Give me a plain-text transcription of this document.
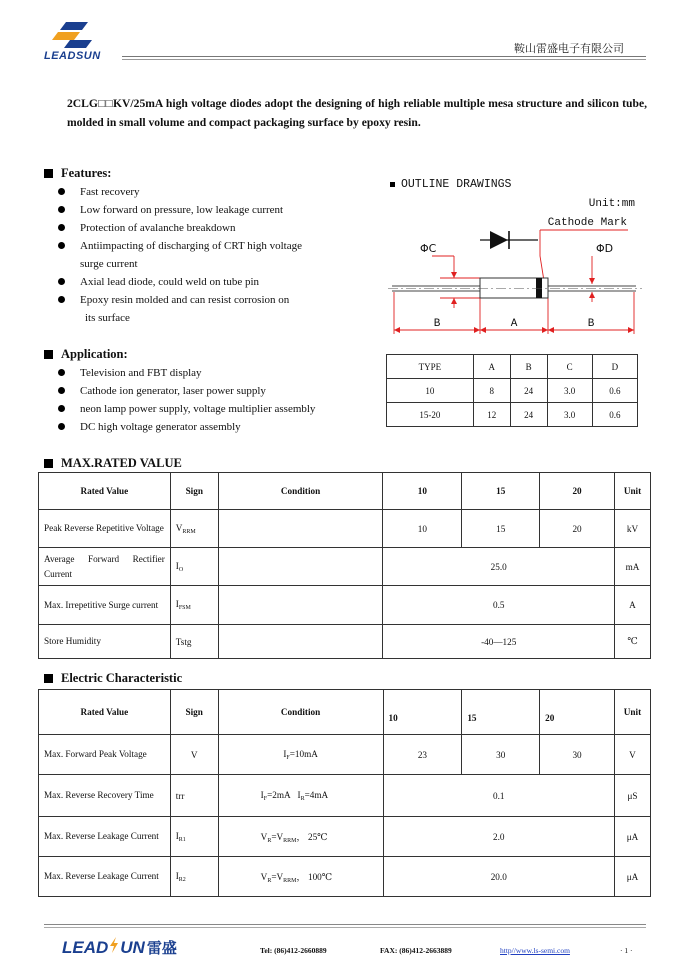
LEADSUN
鞍山雷盛电子有限公司

2CLG□□KV/25mA high voltage diodes adopt the designing of high reliable multiple mesa structure and silicon tube, molded in small volume and compact packaging surface by epoxy resin.

Features:
Fast recovery
Low forward on pressure, low leakage current
Protection of avalanche breakdown
Antiimpacting of discharging of CRT high voltage
surge current
Axial lead diode, could weld on tube pin
Epoxy resin molded and can resist corrosion on
its surface
OUTLINE DRAWINGS
Unit:mm
Cathode Mark
ΦC	ΦD
B	A	B
Application:
Television and FBT display
Cathode ion generator, laser power supply
neon lamp power supply, voltage multiplier assembly
DC high voltage generator assembly
TYPE	A	B	C	D
10	8	24	3.0	0.6
15-20	12	24	3.0	0.6
MAX.RATED VALUE
Rated Value	Sign	Condition	10	15	20	Unit
Peak Reverse Repetitive Voltage	$V_{RRM}$		10	15	20	kV
Average Forward Rectifier Current	$I_O$		25.0			mA
Max. Irrepetitive Surge current	$I_{FSM}$		0.5			A
Store Humidity	Tstg		-40—125			℃
Electric Characteristic
Rated Value	Sign	Condition	10	15	20	Unit
Max. Forward Peak Voltage	V	$I_F=10mA$	23	30	30	V
Max. Reverse Recovery Time	trr	$I_F=2mA$ $I_R=4mA$	0.1			μS
Max. Reverse Leakage Current	$I_{R1}$	$V_R=V_{RRM}$， 25℃	2.0			μA
Max. Reverse Leakage Current	$I_{R2}$	$V_R=V_{RRM}$， 100℃	20.0			μA
LEAD UN 雷盛	Tel: (86)412-2660889	FAX: (86)412-2663889	http//www.ls-semi.com	· 1 ·
